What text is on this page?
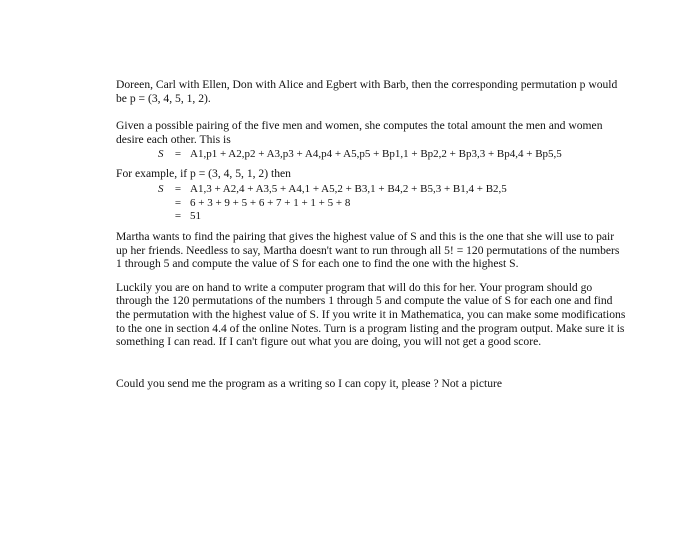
Doreen, Carl with Ellen, Don with Alice and Egbert with Barb, then the corresponding permutation p would be p = (3, 4, 5, 1, 2).

Given a possible pairing of the five men and women, she computes the total amount the men and women desire each other. This is

S	= A1,p1 + A2,p2 + A3,p3 + A4,p4 + A5,p5 + Bp1,1 + Bp2,2 + Bp3,3 + Bp4,4 + Bp5,5

For example, if p = (3, 4, 5, 1, 2) then

S	= A1,3 + A2,4 + A3,5 + A4,1 + A5,2 + B3,1 + B4,2 + B5,3 + B1,4 + B2,5
= 6 + 3 + 9 + 5 + 6 + 7 + 1 + 1 + 5 + 8
= 51

Martha wants to find the pairing that gives the highest value of S and this is the one that she will use to pair up her friends. Needless to say, Martha doesn't want to run through all 5! = 120 permutations of the numbers 1 through 5 and compute the value of S for each one to find the one with the highest S.

Luckily you are on hand to write a computer program that will do this for her. Your program should go through the 120 permutations of the numbers 1 through 5 and compute the value of S for each one and find the permutation with the highest value of S. If you write it in Mathematica, you can make some modifications to the one in section 4.4 of the online Notes. Turn is a program listing and the program output. Make sure it is something I can read. If I can't figure out what you are doing, you will not get a good score.

Could you send me the program as a writing so I can copy it, please ? Not a picture
